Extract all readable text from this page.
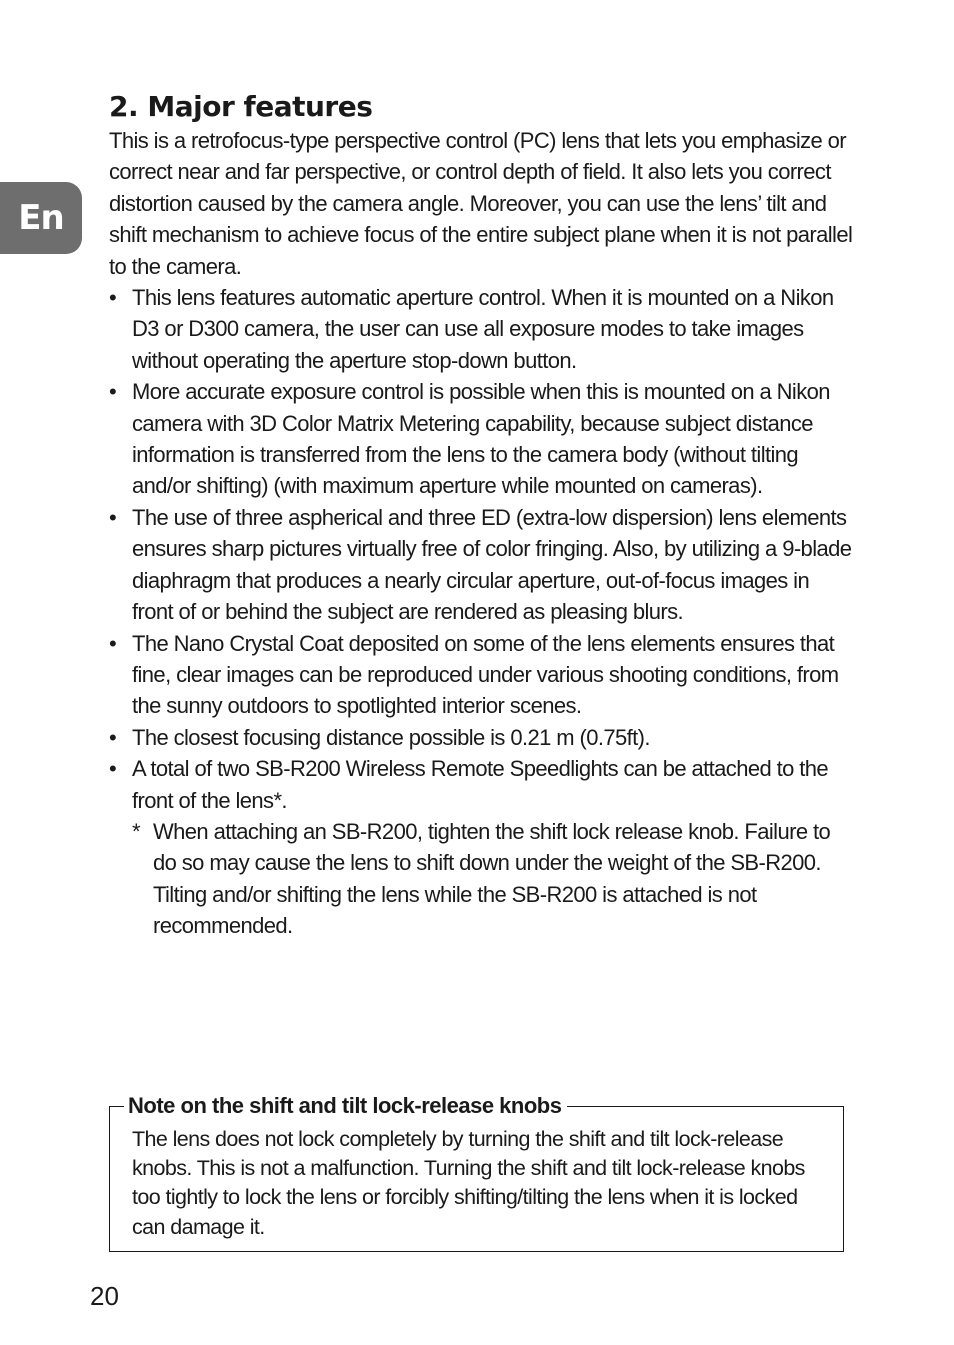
En
2. Major features

This is a retrofocus-type perspective control (PC) lens that lets you emphasize or correct near and far perspective, or control depth of field. It also lets you correct distortion caused by the camera angle. Moreover, you can use the lens’ tilt and shift mechanism to achieve focus of the entire subject plane when it is not parallel to the camera.

• This lens features automatic aperture control. When it is mounted on a Nikon D3 or D300 camera, the user can use all exposure modes to take images without operating the aperture stop-down button.
• More accurate exposure control is possible when this is mounted on a Nikon camera with 3D Color Matrix Metering capability, because subject distance information is transferred from the lens to the camera body (without tilting and/or shifting) (with maximum aperture while mounted on cameras).
• The use of three aspherical and three ED (extra-low dispersion) lens elements ensures sharp pictures virtually free of color fringing. Also, by utilizing a 9-blade diaphragm that produces a nearly circular aperture, out-of-focus images in front of or behind the subject are rendered as pleasing blurs.
• The Nano Crystal Coat deposited on some of the lens elements ensures that fine, clear images can be reproduced under various shooting conditions, from the sunny outdoors to spotlighted interior scenes.
• The closest focusing distance possible is 0.21 m (0.75ft).
• A total of two SB-R200 Wireless Remote Speedlights can be attached to the front of the lens*.
* When attaching an SB-R200, tighten the shift lock release knob. Failure to do so may cause the lens to shift down under the weight of the SB-R200. Tilting and/or shifting the lens while the SB-R200 is attached is not recommended.
Note on the shift and tilt lock-release knobs

The lens does not lock completely by turning the shift and tilt lock-release knobs. This is not a malfunction. Turning the shift and tilt lock-release knobs too tightly to lock the lens or forcibly shifting/tilting the lens when it is locked can damage it.

20
